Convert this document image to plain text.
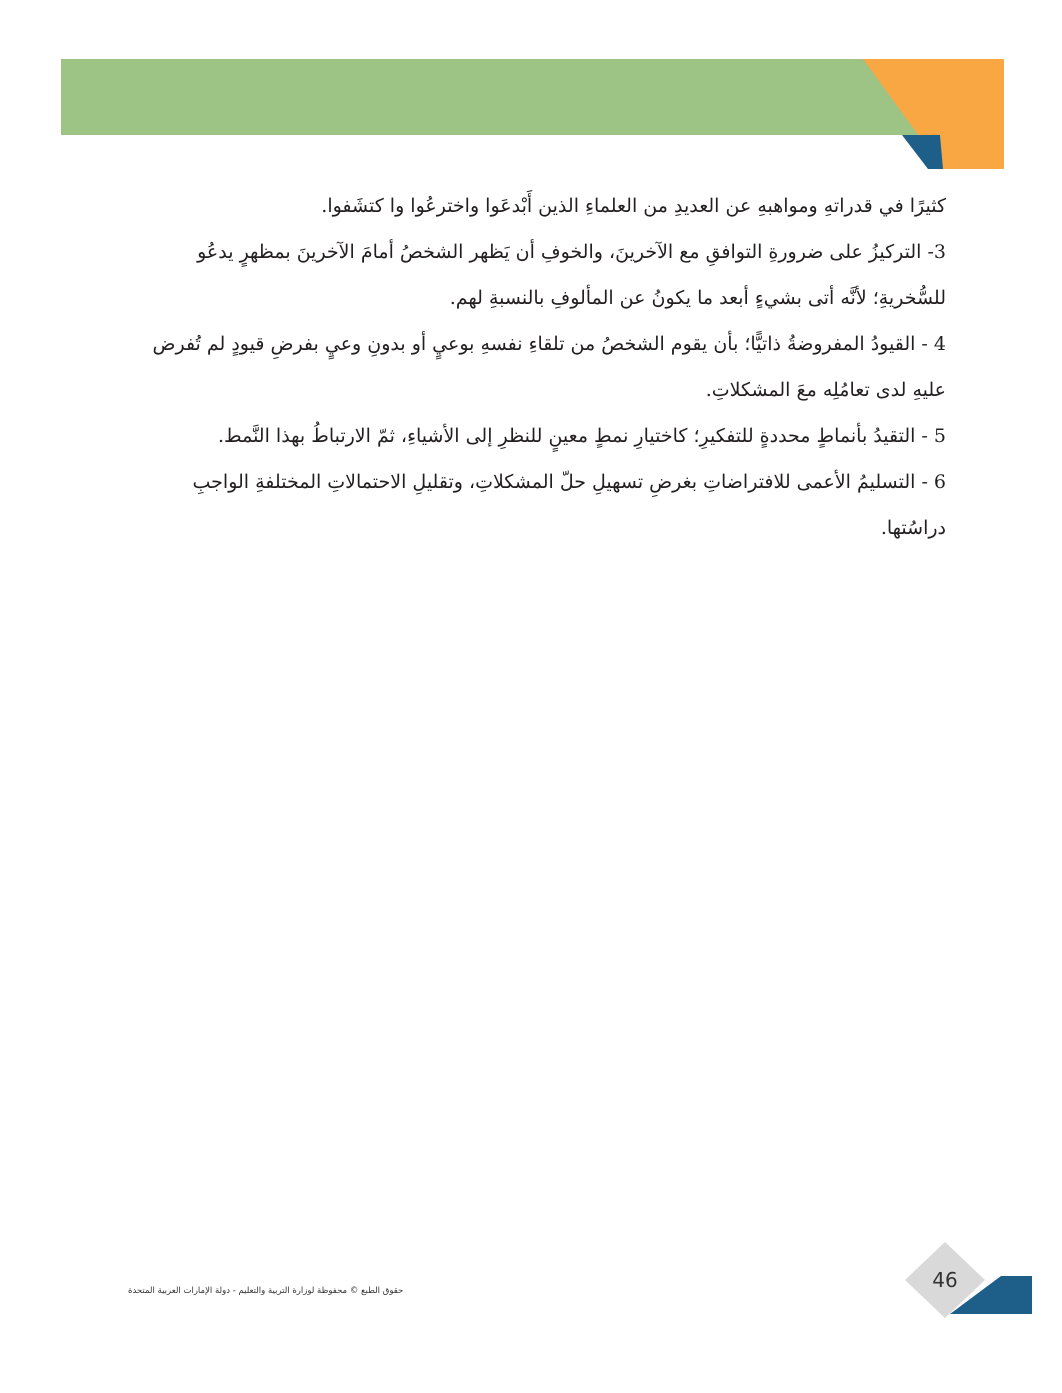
كثيرًا في قدراتهِ ومواهبهِ عن العديدِ من العلماءِ الذين أَبْدعَوا واخترعُوا وا كتشَفوا.

3- التركيزُ على ضرورةِ التوافقِ مع الآخرينَ، والخوفِ أن يَظهر الشخصُ أمامَ الآخرينَ بمظهرٍ يدعُو للسُّخريةِ؛ لأنَّه أتى بشيءٍ أبعد ما يكونُ عن المألوفِ بالنسبةِ لهم.

4 - القيودُ المفروضةُ ذاتيًّا؛ بأن يقوم الشخصُ من تلقاءِ نفسهِ بوعيٍ أو بدونِ وعيٍ بفرضِ قيودٍ لم تُفرض عليهِ لدى تعامُلِه معَ المشكلاتِ.

5 - التقيدُ بأنماطٍ محددةٍ للتفكيرِ؛ كاختيارِ نمطٍ معينٍ للنظرِ إلى الأشياءِ، ثمّ الارتباطُ بهذا النَّمط.

6 - التسليمُ الأعمى للافتراضاتِ بغرضِ تسهيلِ حلّ المشكلاتِ، وتقليلِ الاحتمالاتِ المختلفةِ الواجبِ دراسُتها.

حقوق الطبع © محفوظة لوزارة التربية والتعليم - دولة الإمارات العربية المتحدة	46
